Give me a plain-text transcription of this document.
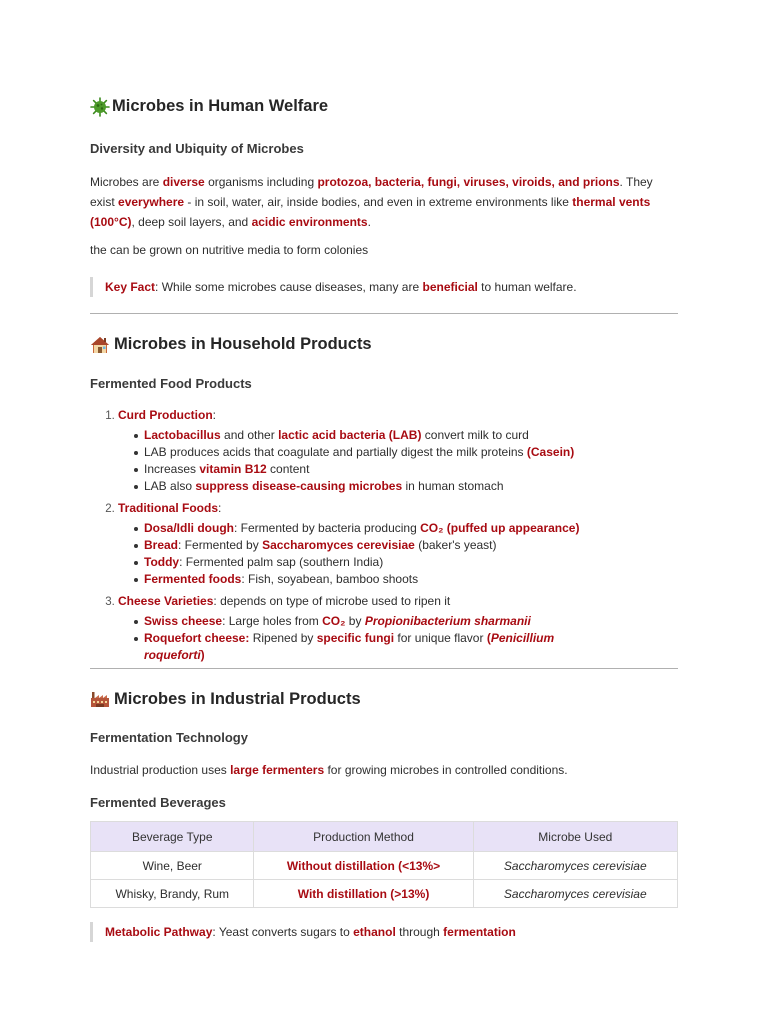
Microbes in Human Welfare
Diversity and Ubiquity of Microbes

Microbes are diverse organisms including protozoa, bacteria, fungi, viruses, viroids, and prions. They exist everywhere - in soil, water, air, inside bodies, and even in extreme environments like thermal vents (100°C), deep soil layers, and acidic environments.

the can be grown on nutritive media to form colonies

Key Fact: While some microbes cause diseases, many are beneficial to human welfare.
Microbes in Household Products
Fermented Food Products
1. Curd Production:
Lactobacillus and other lactic acid bacteria (LAB) convert milk to curd
LAB produces acids that coagulate and partially digest the milk proteins (Casein)
Increases vitamin B12 content
LAB also suppress disease-causing microbes in human stomach
2. Traditional Foods:
Dosa/Idli dough: Fermented by bacteria producing CO₂ (puffed up appearance)
Bread: Fermented by Saccharomyces cerevisiae (baker's yeast)
Toddy: Fermented palm sap (southern India)
Fermented foods: Fish, soyabean, bamboo shoots
3. Cheese Varieties: depends on type of microbe used to ripen it
Swiss cheese: Large holes from CO₂ by Propionibacterium sharmanii
Roquefort cheese: Ripened by specific fungi for unique flavor (Penicillium roqueforti)
Microbes in Industrial Products
Fermentation Technology

Industrial production uses large fermenters for growing microbes in controlled conditions.

Fermented Beverages
Beverage Type	Production Method	Microbe Used
Wine, Beer	Without distillation (<13%>	Saccharomyces cerevisiae
Whisky, Brandy, Rum	With distillation (>13%)	Saccharomyces cerevisiae
Metabolic Pathway: Yeast converts sugars to ethanol through fermentation
